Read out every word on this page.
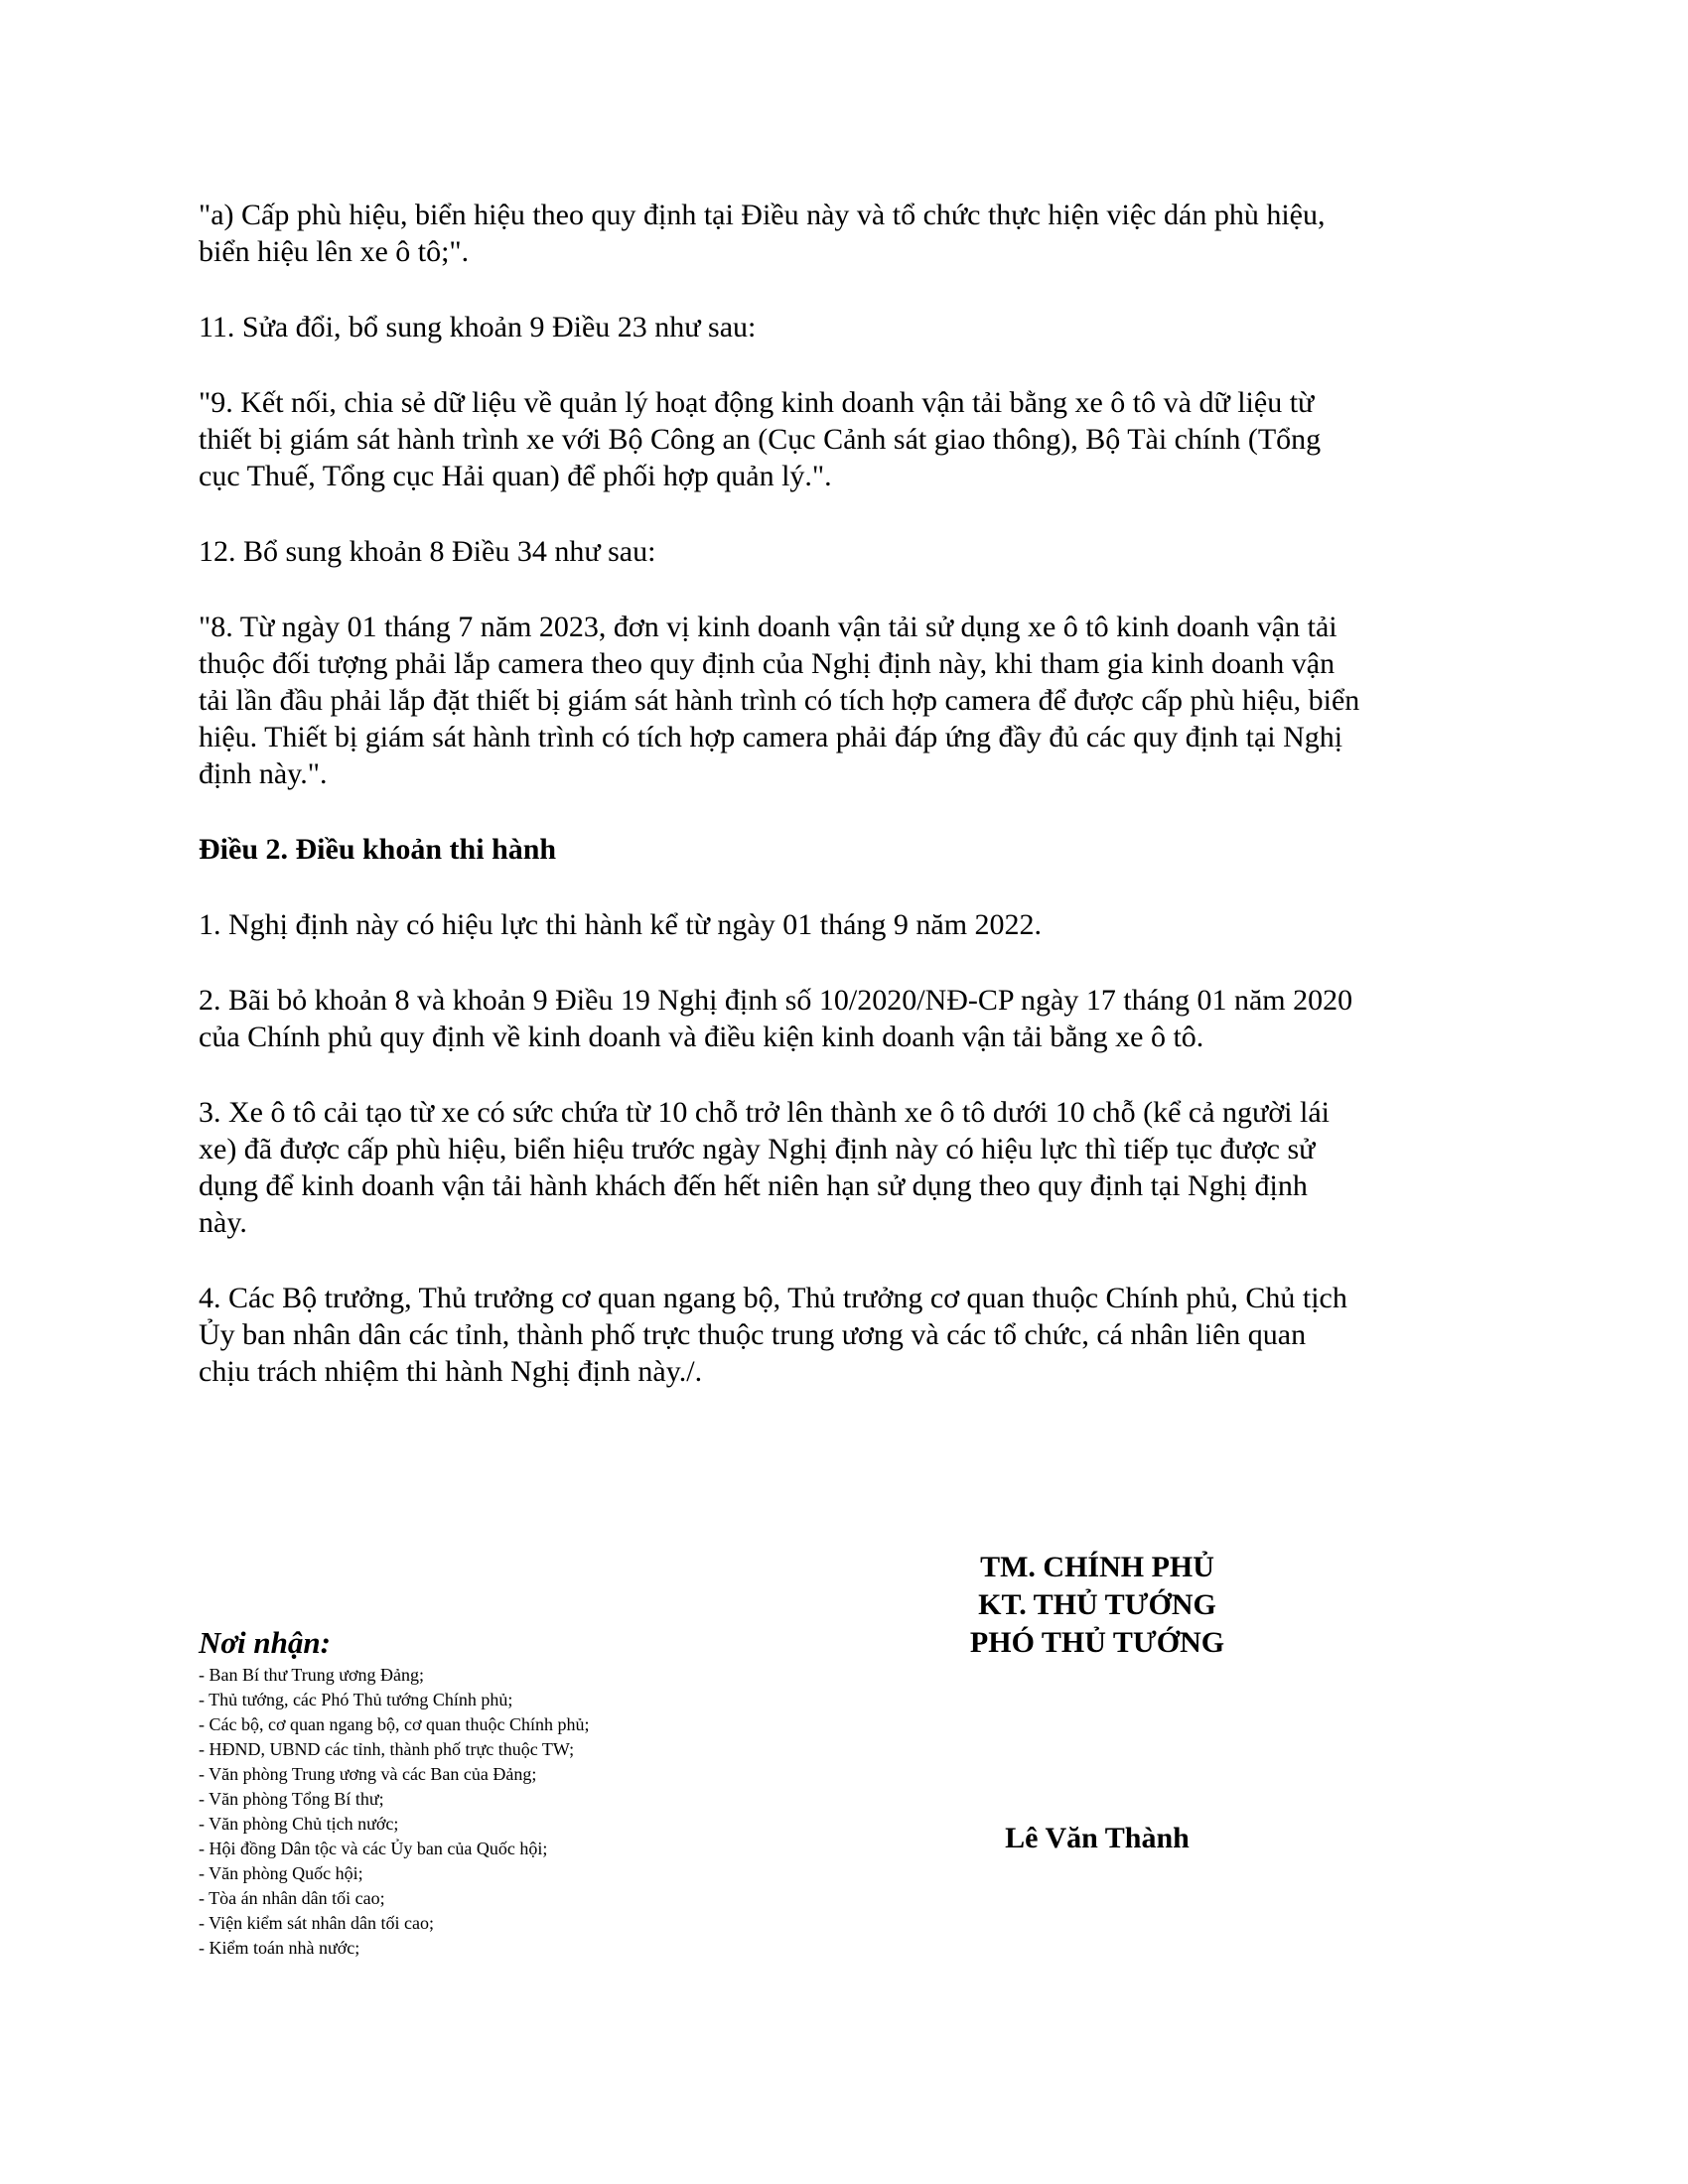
"a) Cấp phù hiệu, biển hiệu theo quy định tại Điều này và tổ chức thực hiện việc dán phù hiệu,
biển hiệu lên xe ô tô;".

11. Sửa đổi, bổ sung khoản 9 Điều 23 như sau:

"9. Kết nối, chia sẻ dữ liệu về quản lý hoạt động kinh doanh vận tải bằng xe ô tô và dữ liệu từ
thiết bị giám sát hành trình xe với Bộ Công an (Cục Cảnh sát giao thông), Bộ Tài chính (Tổng
cục Thuế, Tổng cục Hải quan) để phối hợp quản lý.".

12. Bổ sung khoản 8 Điều 34 như sau:

"8. Từ ngày 01 tháng 7 năm 2023, đơn vị kinh doanh vận tải sử dụng xe ô tô kinh doanh vận tải
thuộc đối tượng phải lắp camera theo quy định của Nghị định này, khi tham gia kinh doanh vận
tải lần đầu phải lắp đặt thiết bị giám sát hành trình có tích hợp camera để được cấp phù hiệu, biển
hiệu. Thiết bị giám sát hành trình có tích hợp camera phải đáp ứng đầy đủ các quy định tại Nghị
định này.".

Điều 2. Điều khoản thi hành

1. Nghị định này có hiệu lực thi hành kể từ ngày 01 tháng 9 năm 2022.

2. Bãi bỏ khoản 8 và khoản 9 Điều 19 Nghị định số 10/2020/NĐ-CP ngày 17 tháng 01 năm 2020
của Chính phủ quy định về kinh doanh và điều kiện kinh doanh vận tải bằng xe ô tô.

3. Xe ô tô cải tạo từ xe có sức chứa từ 10 chỗ trở lên thành xe ô tô dưới 10 chỗ (kể cả người lái
xe) đã được cấp phù hiệu, biển hiệu trước ngày Nghị định này có hiệu lực thì tiếp tục được sử
dụng để kinh doanh vận tải hành khách đến hết niên hạn sử dụng theo quy định tại Nghị định
này.

4. Các Bộ trưởng, Thủ trưởng cơ quan ngang bộ, Thủ trưởng cơ quan thuộc Chính phủ, Chủ tịch
Ủy ban nhân dân các tỉnh, thành phố trực thuộc trung ương và các tổ chức, cá nhân liên quan
chịu trách nhiệm thi hành Nghị định này./.

TM. CHÍNH PHỦ
KT. THỦ TƯỚNG
PHÓ THỦ TƯỚNG
Lê Văn Thành
Nơi nhận:
- Ban Bí thư Trung ương Đảng;
- Thủ tướng, các Phó Thủ tướng Chính phủ;
- Các bộ, cơ quan ngang bộ, cơ quan thuộc Chính phủ;
- HĐND, UBND các tỉnh, thành phố trực thuộc TW;
- Văn phòng Trung ương và các Ban của Đảng;
- Văn phòng Tổng Bí thư;
- Văn phòng Chủ tịch nước;
- Hội đồng Dân tộc và các Ủy ban của Quốc hội;
- Văn phòng Quốc hội;
- Tòa án nhân dân tối cao;
- Viện kiểm sát nhân dân tối cao;
- Kiểm toán nhà nước;
